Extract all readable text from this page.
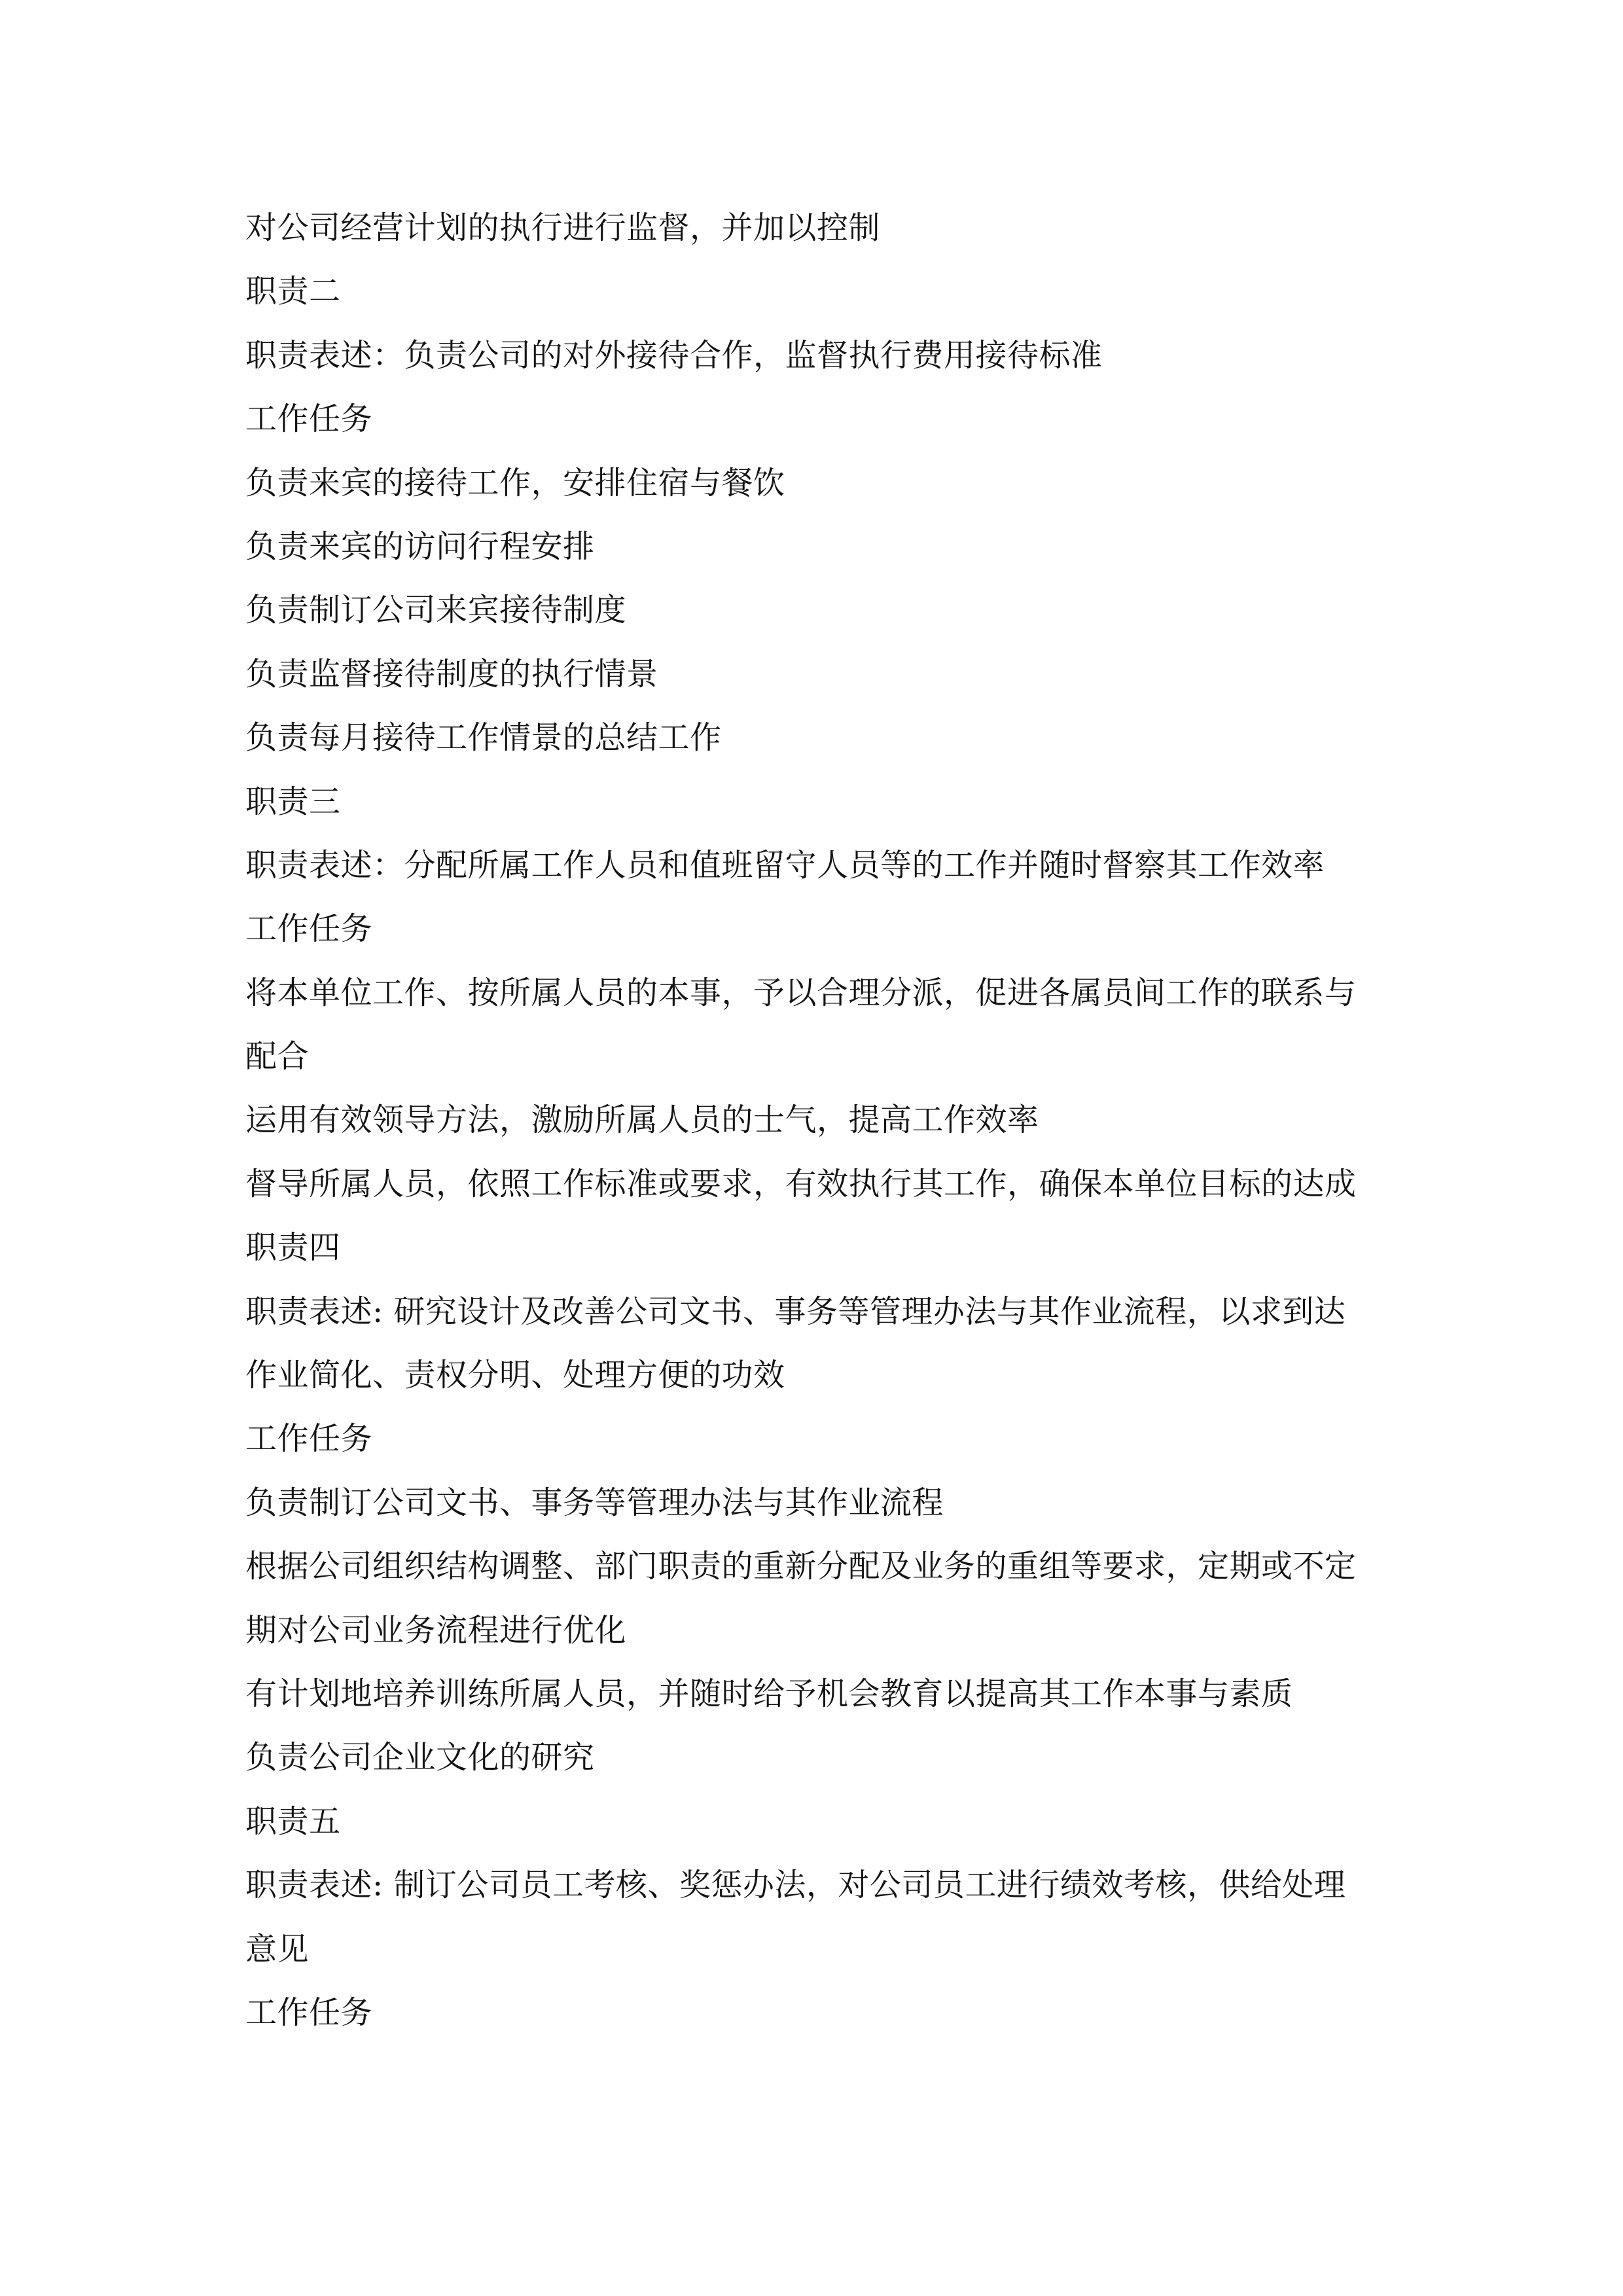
对公司经营计划的执行进行监督，并加以控制
职责二
职责表述：负责公司的对外接待合作，监督执行费用接待标准
工作任务
负责来宾的接待工作，安排住宿与餐饮
负责来宾的访问行程安排
负责制订公司来宾接待制度
负责监督接待制度的执行情景
负责每月接待工作情景的总结工作
职责三
职责表述：分配所属工作人员和值班留守人员等的工作并随时督察其工作效率
工作任务
将本单位工作、按所属人员的本事，予以合理分派，促进各属员间工作的联系与
配合
运用有效领导方法，激励所属人员的士气，提高工作效率
督导所属人员，依照工作标准或要求，有效执行其工作，确保本单位目标的达成
职责四
职责表述: 研究设计及改善公司文书、事务等管理办法与其作业流程，以求到达
作业简化、责权分明、处理方便的功效
工作任务
负责制订公司文书、事务等管理办法与其作业流程
根据公司组织结构调整、部门职责的重新分配及业务的重组等要求，定期或不定
期对公司业务流程进行优化
有计划地培养训练所属人员，并随时给予机会教育以提高其工作本事与素质
负责公司企业文化的研究
职责五
职责表述: 制订公司员工考核、奖惩办法，对公司员工进行绩效考核，供给处理
意见
工作任务
